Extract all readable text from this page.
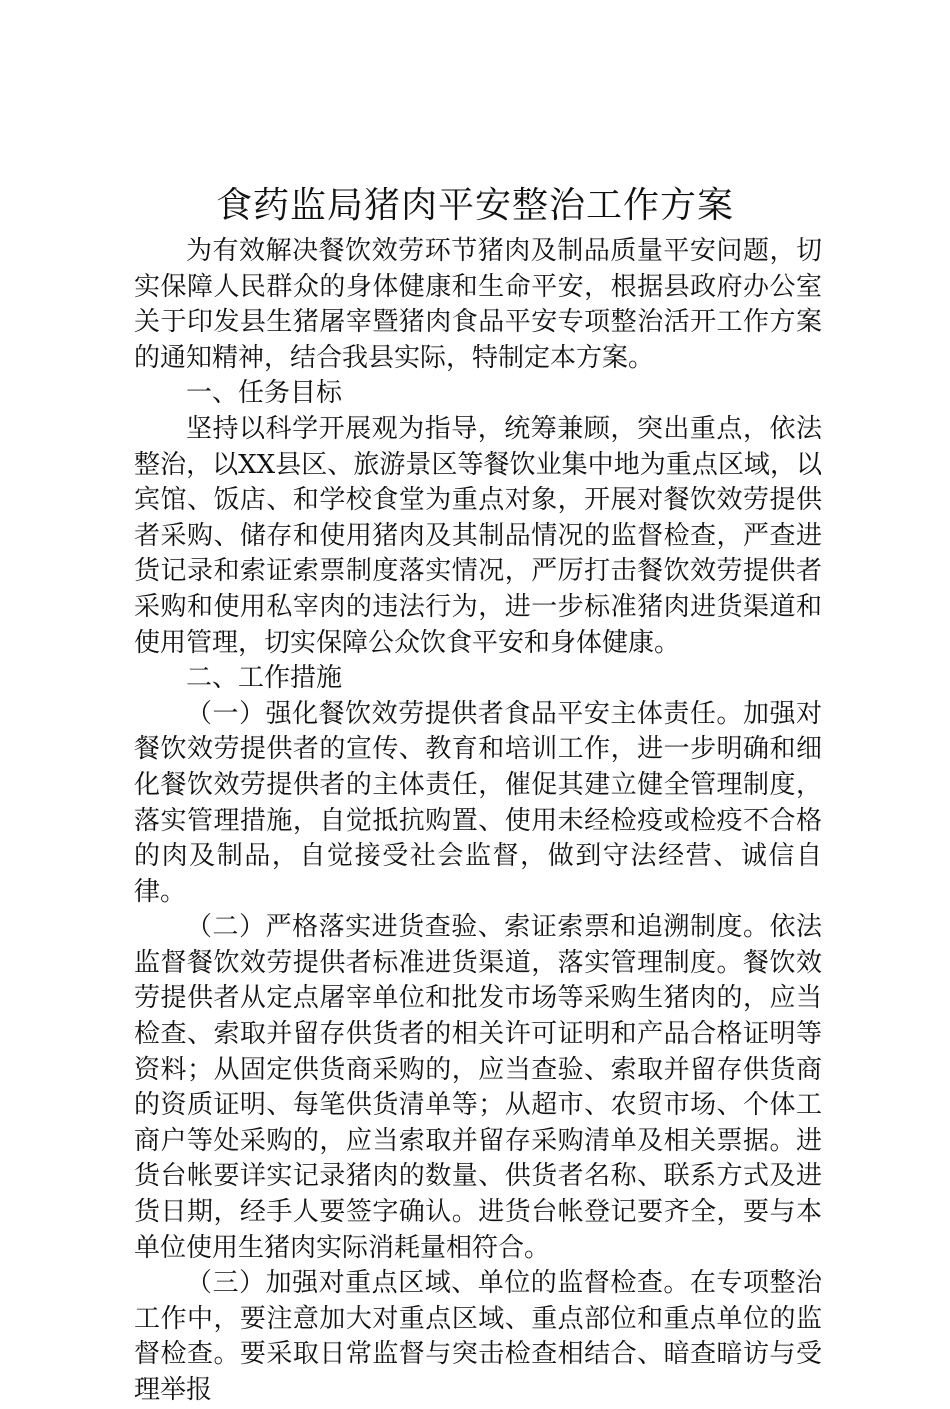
食药监局猪肉平安整治工作方案

为有效解决餐饮效劳环节猪肉及制品质量平安问题，切实保障人民群众的身体健康和生命平安，根据县政府办公室关于印发县生猪屠宰暨猪肉食品平安专项整治活开工作方案的通知精神，结合我县实际，特制定本方案。

一、任务目标

坚持以科学开展观为指导，统筹兼顾，突出重点，依法整治，以XX县区、旅游景区等餐饮业集中地为重点区域，以宾馆、饭店、和学校食堂为重点对象，开展对餐饮效劳提供者采购、储存和使用猪肉及其制品情况的监督检查，严查进货记录和索证索票制度落实情况，严厉打击餐饮效劳提供者采购和使用私宰肉的违法行为，进一步标准猪肉进货渠道和使用管理，切实保障公众饮食平安和身体健康。

二、工作措施

（一）强化餐饮效劳提供者食品平安主体责任。加强对餐饮效劳提供者的宣传、教育和培训工作，进一步明确和细化餐饮效劳提供者的主体责任，催促其建立健全管理制度，落实管理措施，自觉抵抗购置、使用未经检疫或检疫不合格的肉及制品，自觉接受社会监督，做到守法经营、诚信自律。

（二）严格落实进货查验、索证索票和追溯制度。依法监督餐饮效劳提供者标准进货渠道，落实管理制度。餐饮效劳提供者从定点屠宰单位和批发市场等采购生猪肉的，应当检查、索取并留存供货者的相关许可证明和产品合格证明等资料；从固定供货商采购的，应当查验、索取并留存供货商的资质证明、每笔供货清单等；从超市、农贸市场、个体工商户等处采购的，应当索取并留存采购清单及相关票据。进货台帐要详实记录猪肉的数量、供货者名称、联系方式及进货日期，经手人要签字确认。进货台帐登记要齐全，要与本单位使用生猪肉实际消耗量相符合。

（三）加强对重点区域、单位的监督检查。在专项整治工作中，要注意加大对重点区域、重点部位和重点单位的监督检查。要采取日常监督与突击检查相结合、暗查暗访与受理举报
